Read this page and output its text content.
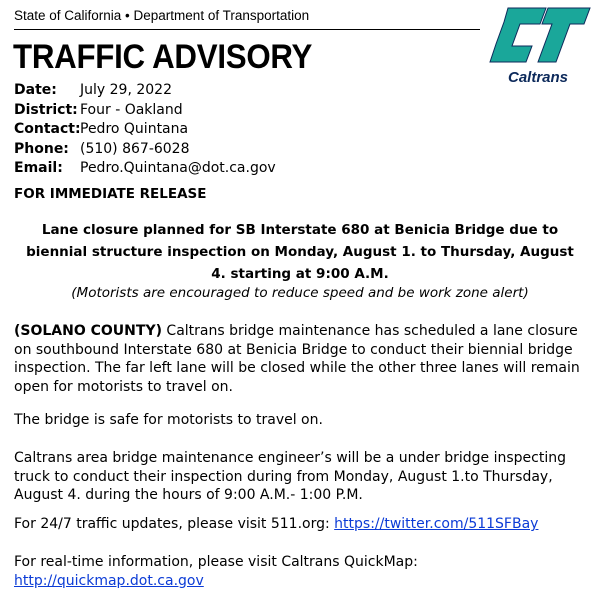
State of California • Department of Transportation
TRAFFIC ADVISORY
Caltrans
Date:	July 29, 2022
District: Four - Oakland
Contact: Pedro Quintana
Phone: (510) 867-6028
Email:	Pedro.Quintana@dot.ca.gov
FOR IMMEDIATE RELEASE
Lane closure planned for SB Interstate 680 at Benicia Bridge due to biennial structure inspection on Monday, August 1. to Thursday, August 4. starting at 9:00 A.M.
(Motorists are encouraged to reduce speed and be work zone alert)
(SOLANO COUNTY) Caltrans bridge maintenance has scheduled a lane closure on southbound Interstate 680 at Benicia Bridge to conduct their biennial bridge inspection. The far left lane will be closed while the other three lanes will remain open for motorists to travel on.
The bridge is safe for motorists to travel on.
Caltrans area bridge maintenance engineer’s will be a under bridge inspecting truck to conduct their inspection during from Monday, August 1.to Thursday, August 4. during the hours of 9:00 A.M.- 1:00 P.M.
For 24/7 traffic updates, please visit 511.org: https://twitter.com/511SFBay
For real-time information, please visit Caltrans QuickMap:
http://quickmap.dot.ca.gov
